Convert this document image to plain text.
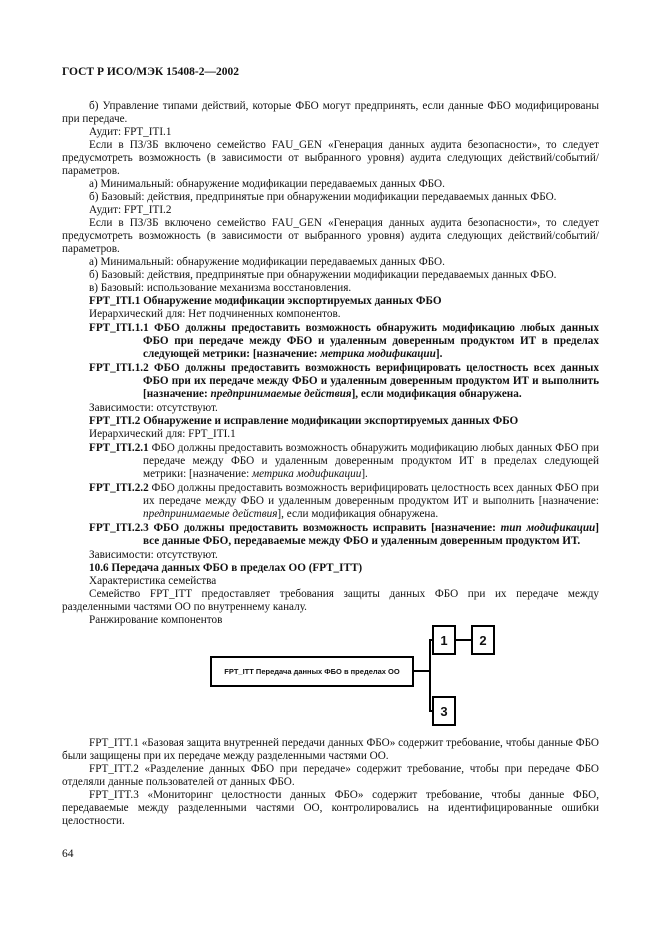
ГОСТ Р ИСО/МЭК 15408-2—2002

б) Управление типами действий, которые ФБО могут предпринять, если данные ФБО модифицированы при передаче.

Аудит: FPT_ITI.1

Если в ПЗ/ЗБ включено семейство FAU_GEN «Генерация данных аудита безопасности», то следует предусмотреть возможность (в зависимости от выбранного уровня) аудита следующих действий/событий/параметров.

а) Минимальный: обнаружение модификации передаваемых данных ФБО.

б) Базовый: действия, предпринятые при обнаружении модификации передаваемых данных ФБО.

Аудит: FPT_ITI.2

Если в ПЗ/ЗБ включено семейство FAU_GEN «Генерация данных аудита безопасности», то следует предусмотреть возможность (в зависимости от выбранного уровня) аудита следующих действий/событий/параметров.

а) Минимальный: обнаружение модификации передаваемых данных ФБО.

б) Базовый: действия, предпринятые при обнаружении модификации передаваемых данных ФБО.

в) Базовый: использование механизма восстановления.

FPT_ITI.1 Обнаружение модификации экспортируемых данных ФБО

Иерархический для: Нет подчиненных компонентов.

FPT_ITI.1.1 ФБО должны предоставить возможность обнаружить модификацию любых данных ФБО при передаче между ФБО и удаленным доверенным продуктом ИТ в пределах следующей метрики: [назначение: метрика модификации].

FPT_ITI.1.2 ФБО должны предоставить возможность верифицировать целостность всех данных ФБО при их передаче между ФБО и удаленным доверенным продуктом ИТ и выполнить [назначение: предпринимаемые действия], если модификация обнаружена.

Зависимости: отсутствуют.

FPT_ITI.2 Обнаружение и исправление модификации экспортируемых данных ФБО

Иерархический для: FPT_ITI.1

FPT_ITI.2.1 ФБО должны предоставить возможность обнаружить модификацию любых данных ФБО при передаче между ФБО и удаленным доверенным продуктом ИТ в пределах следующей метрики: [назначение: метрика модификации].

FPT_ITI.2.2 ФБО должны предоставить возможность верифицировать целостность всех данных ФБО при их передаче между ФБО и удаленным доверенным продуктом ИТ и выполнить [назначение: предпринимаемые действия], если модификация обнаружена.

FPT_ITI.2.3 ФБО должны предоставить возможность исправить [назначение: тип модификации] все данные ФБО, передаваемые между ФБО и удаленным доверенным продуктом ИТ.

Зависимости: отсутствуют.

10.6 Передача данных ФБО в пределах ОО (FPT_ITT)

Характеристика семейства

Семейство FPT_ITT предоставляет требования защиты данных ФБО при их передаче между разделенными частями ОО по внутреннему каналу.

Ранжирование компонентов

FPT_ITT Передача данных ФБО в пределах ОО
1 2
3

FPT_ITT.1 «Базовая защита внутренней передачи данных ФБО» содержит требование, чтобы данные ФБО были защищены при их передаче между разделенными частями ОО.

FPT_ITT.2 «Разделение данных ФБО при передаче» содержит требование, чтобы при передаче ФБО отделяли данные пользователей от данных ФБО.

FPT_ITT.3 «Мониторинг целостности данных ФБО» содержит требование, чтобы данные ФБО, передаваемые между разделенными частями ОО, контролировались на идентифицированные ошибки целостности.

64
